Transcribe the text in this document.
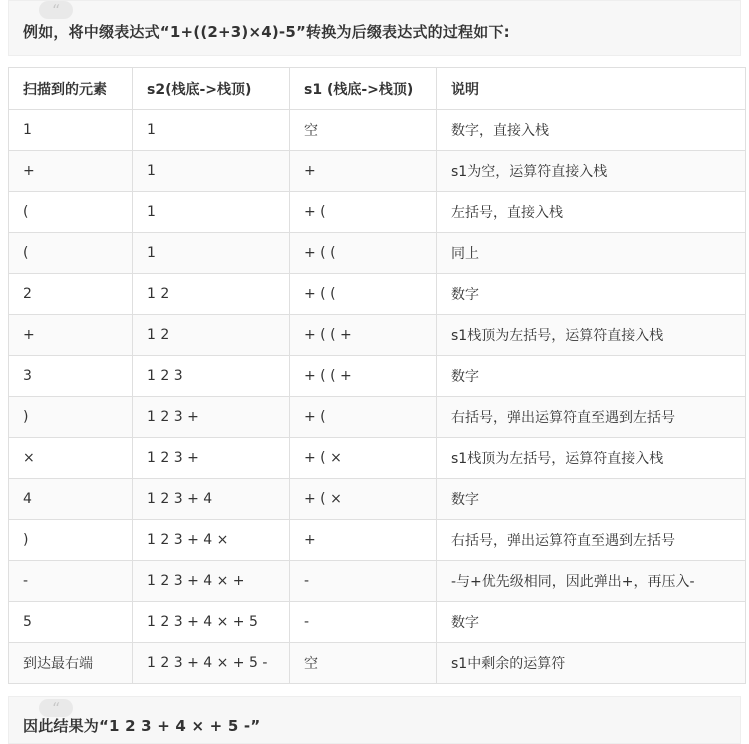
“
例如，将中缀表达式“1+((2+3)×4)-5”转换为后缀表达式的过程如下:
扫描到的元素	s2(栈底->栈顶)	s1 (栈底->栈顶)	说明
1	1	空	数字，直接入栈
+	1	+	s1为空，运算符直接入栈
(	1	+ (	左括号，直接入栈
(	1	+ ( (	同上
2	1 2	+ ( (	数字
+	1 2	+ ( ( +	s1栈顶为左括号，运算符直接入栈
3	1 2 3	+ ( ( +	数字
)	1 2 3 +	+ (	右括号，弹出运算符直至遇到左括号
×	1 2 3 +	+ ( ×	s1栈顶为左括号，运算符直接入栈
4	1 2 3 + 4	+ ( ×	数字
)	1 2 3 + 4 ×	+	右括号，弹出运算符直至遇到左括号
-	1 2 3 + 4 × +	-	-与+优先级相同，因此弹出+，再压入-
5	1 2 3 + 4 × + 5	-	数字
到达最右端	1 2 3 + 4 × + 5 -	空	s1中剩余的运算符
“
因此结果为“1 2 3 + 4 × + 5 -”
